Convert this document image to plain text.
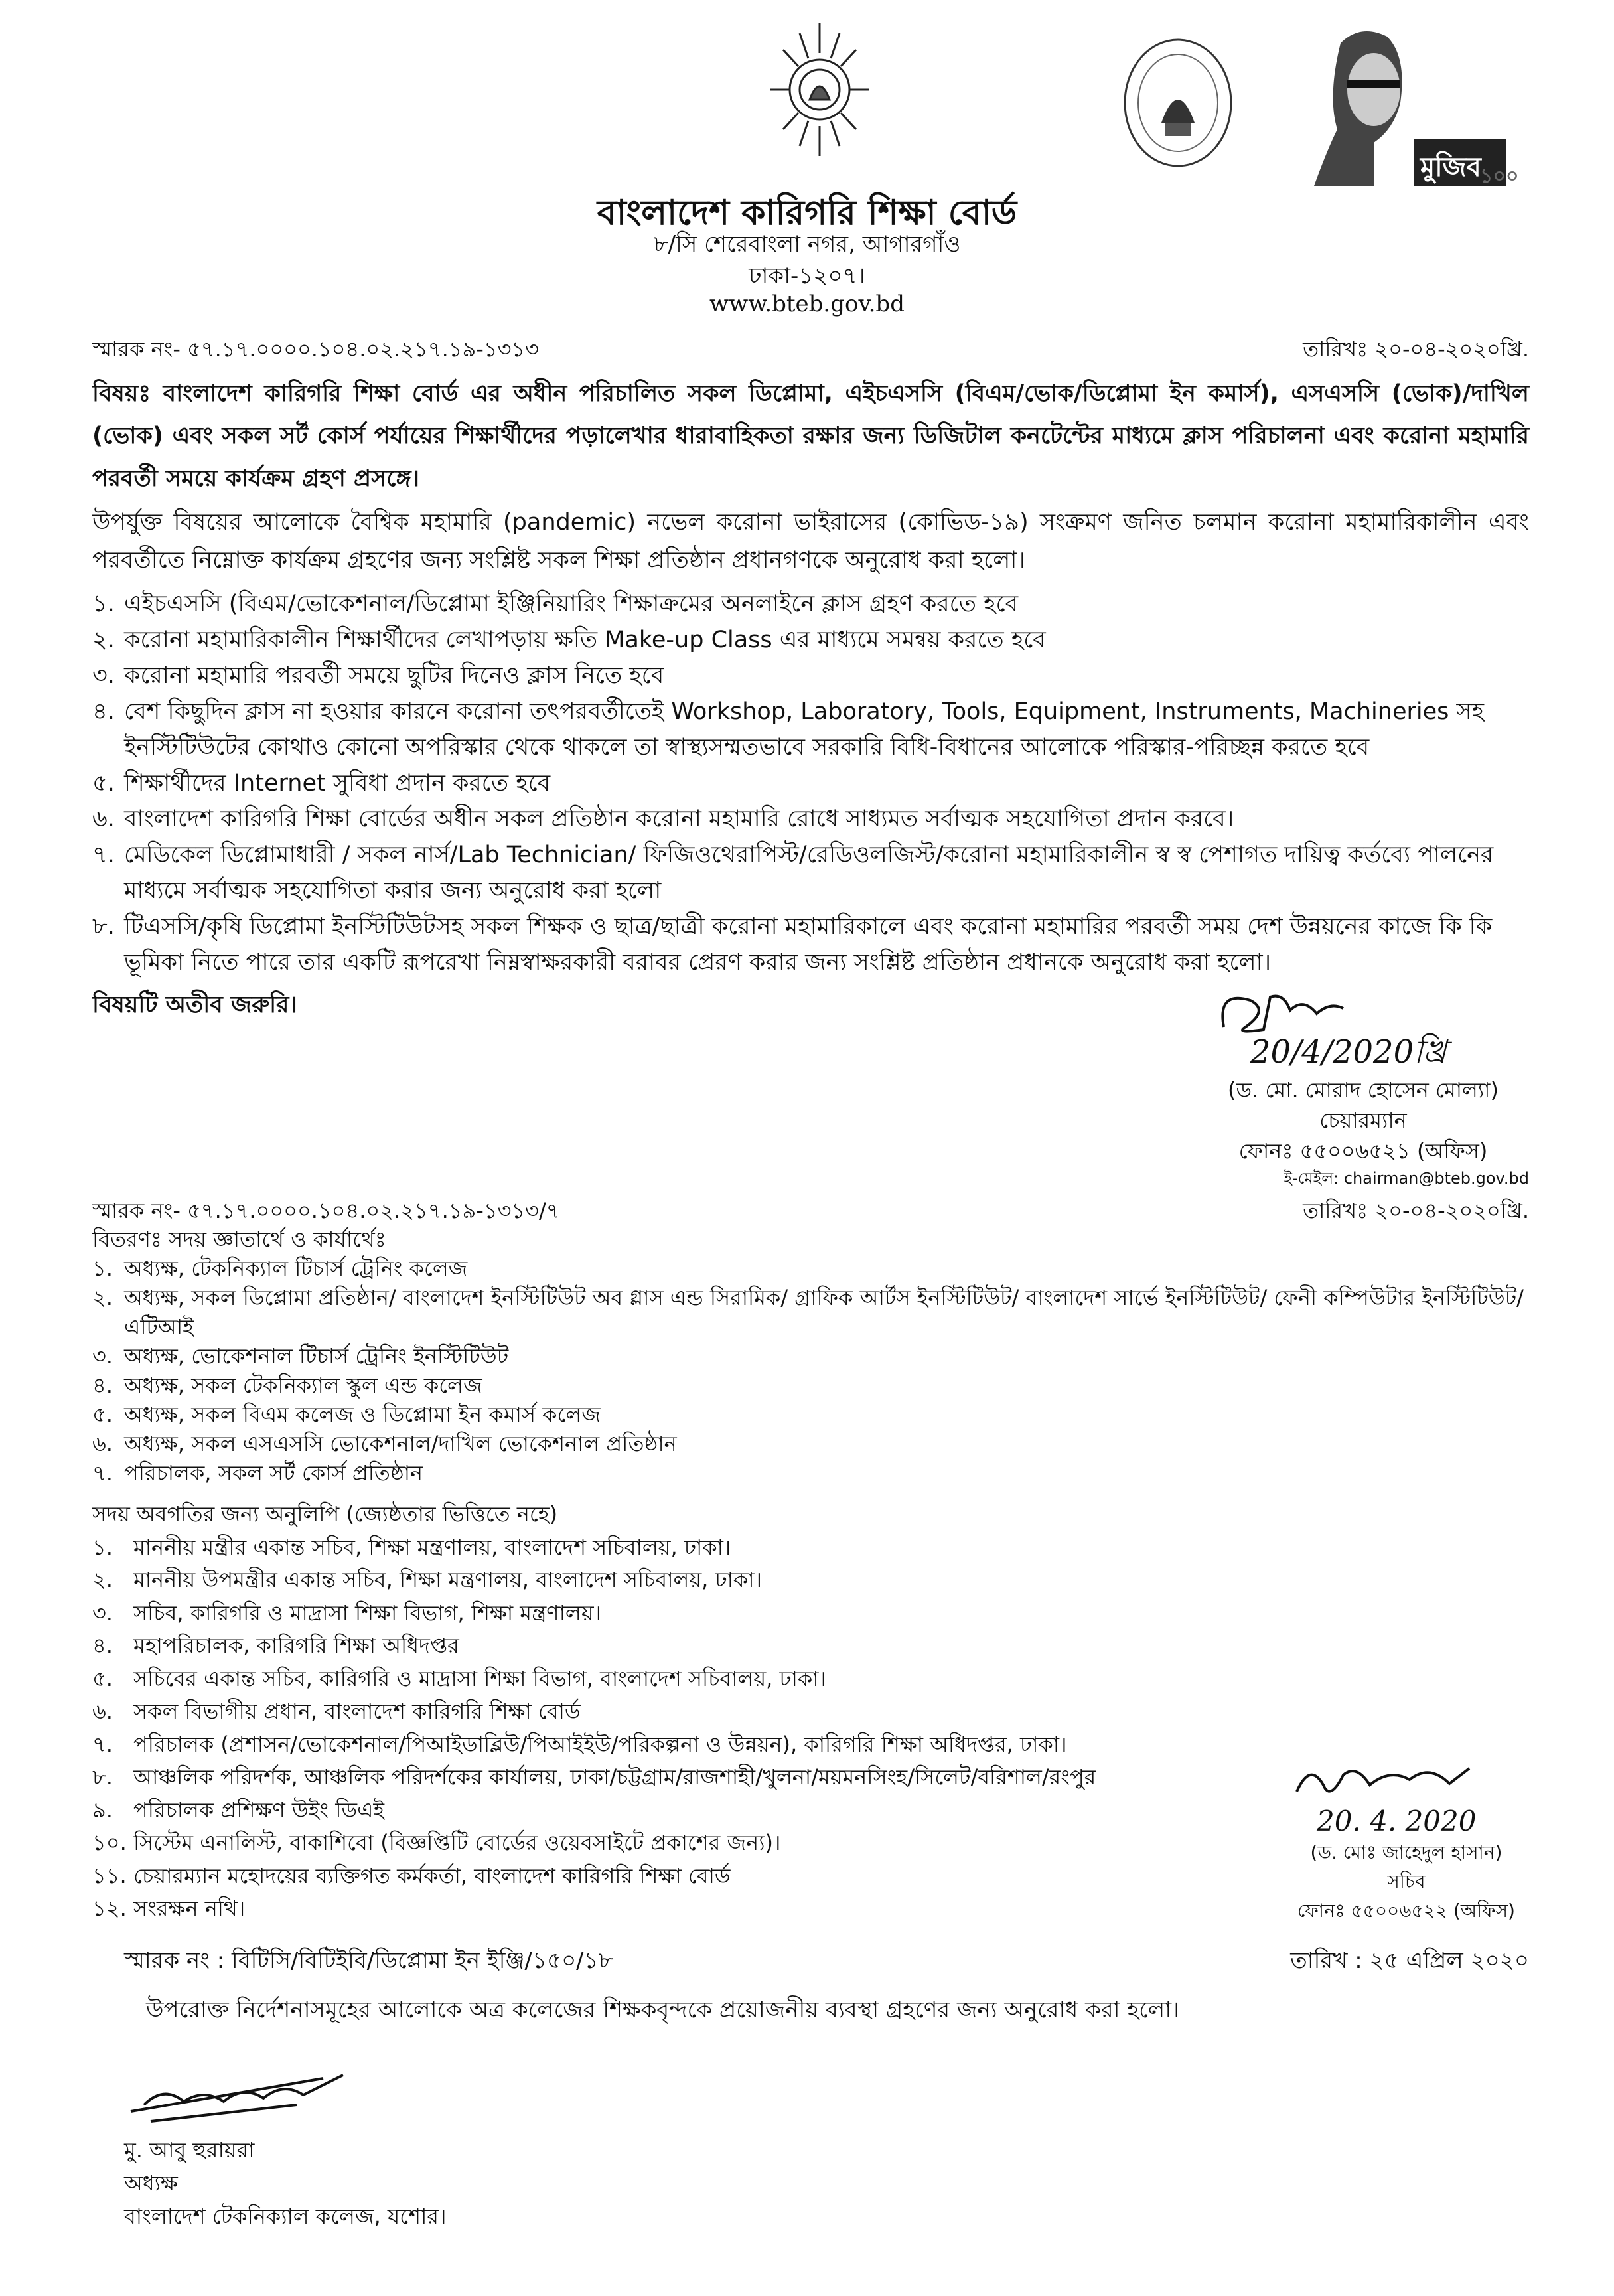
মুজিব
১০০
বাংলাদেশ কারিগরি শিক্ষা বোর্ড
৮/সি শেরেবাংলা নগর, আগারগাঁও
ঢাকা-১২০৭।
www.bteb.gov.bd
স্মারক নং- ৫৭.১৭.০০০০.১০৪.০২.২১৭.১৯-১৩১৩	তারিখঃ ২০-০৪-২০২০খ্রি.
বিষয়ঃ বাংলাদেশ কারিগরি শিক্ষা বোর্ড এর অধীন পরিচালিত সকল ডিপ্লোমা, এইচএসসি (বিএম/ভোক/ডিপ্লোমা ইন কমার্স), এসএসসি (ভোক)/দাখিল (ভোক) এবং সকল সর্ট কোর্স পর্যায়ের শিক্ষার্থীদের পড়ালেখার ধারাবাহিকতা রক্ষার জন্য ডিজিটাল কনটেন্টের মাধ্যমে ক্লাস পরিচালনা এবং করোনা মহামারি পরবর্তী সময়ে কার্যক্রম গ্রহণ প্রসঙ্গে।
উপর্যুক্ত বিষয়ের আলোকে বৈশ্বিক মহামারি (pandemic) নভেল করোনা ভাইরাসের (কোভিড-১৯) সংক্রমণ জনিত চলমান করোনা মহামারিকালীন এবং পরবর্তীতে নিম্নোক্ত কার্যক্রম গ্রহণের জন্য সংশ্লিষ্ট সকল শিক্ষা প্রতিষ্ঠান প্রধানগণকে অনুরোধ করা হলো।
১. এইচএসসি (বিএম/ভোকেশনাল/ডিপ্লোমা ইঞ্জিনিয়ারিং শিক্ষাক্রমের অনলাইনে ক্লাস গ্রহণ করতে হবে
২. করোনা মহামারিকালীন শিক্ষার্থীদের লেখাপড়ায় ক্ষতি Make-up Class এর মাধ্যমে সমন্বয় করতে হবে
৩. করোনা মহামারি পরবর্তী সময়ে ছুটির দিনেও ক্লাস নিতে হবে
৪. বেশ কিছুদিন ক্লাস না হওয়ার কারনে করোনা তৎপরবর্তীতেই Workshop, Laboratory, Tools, Equipment, Instruments, Machineries সহ ইনস্টিটিউটের কোথাও কোনো অপরিস্কার থেকে থাকলে তা স্বাস্থ্যসম্মতভাবে সরকারি বিধি-বিধানের আলোকে পরিস্কার-পরিচ্ছন্ন করতে হবে
৫. শিক্ষার্থীদের Internet সুবিধা প্রদান করতে হবে
৬. বাংলাদেশ কারিগরি শিক্ষা বোর্ডের অধীন সকল প্রতিষ্ঠান করোনা মহামারি রোধে সাধ্যমত সর্বাত্মক সহযোগিতা প্রদান করবে।
৭. মেডিকেল ডিপ্লোমাধারী / সকল নার্স/Lab Technician/ ফিজিওথেরাপিস্ট/রেডিওলজিস্ট/করোনা মহামারিকালীন স্ব স্ব পেশাগত দায়িত্ব কর্তব্যে পালনের মাধ্যমে সর্বাত্মক সহযোগিতা করার জন্য অনুরোধ করা হলো
৮. টিএসসি/কৃষি ডিপ্লোমা ইনস্টিটিউটসহ সকল শিক্ষক ও ছাত্র/ছাত্রী করোনা মহামারিকালে এবং করোনা মহামারির পরবর্তী সময় দেশ উন্নয়নের কাজে কি কি ভূমিকা নিতে পারে তার একটি রূপরেখা নিম্নস্বাক্ষরকারী বরাবর প্রেরণ করার জন্য সংশ্লিষ্ট প্রতিষ্ঠান প্রধানকে অনুরোধ করা হলো।
বিষয়টি অতীব জরুরি।
20/4/2020খ্রি
(ড. মো. মোরাদ হোসেন মোল্যা)
চেয়ারম্যান
ফোনঃ ৫৫০০৬৫২১ (অফিস)
ই-মেইল: chairman@bteb.gov.bd
স্মারক নং- ৫৭.১৭.০০০০.১০৪.০২.২১৭.১৯-১৩১৩/৭	তারিখঃ ২০-০৪-২০২০খ্রি.
বিতরণঃ সদয় জ্ঞাতার্থে ও কার্যার্থেঃ
১. অধ্যক্ষ, টেকনিক্যাল টিচার্স ট্রেনিং কলেজ
২. অধ্যক্ষ, সকল ডিপ্লোমা প্রতিষ্ঠান/ বাংলাদেশ ইনস্টিটিউট অব গ্লাস এন্ড সিরামিক/ গ্রাফিক আর্টস ইনস্টিটিউট/ বাংলাদেশ সার্ভে ইনস্টিটিউট/ ফেনী কম্পিউটার ইনস্টিটিউট/ এটিআই
৩. অধ্যক্ষ, ভোকেশনাল টিচার্স ট্রেনিং ইনস্টিটিউট
৪. অধ্যক্ষ, সকল টেকনিক্যাল স্কুল এন্ড কলেজ
৫. অধ্যক্ষ, সকল বিএম কলেজ ও ডিপ্লোমা ইন কমার্স কলেজ
৬. অধ্যক্ষ, সকল এসএসসি ভোকেশনাল/দাখিল ভোকেশনাল প্রতিষ্ঠান
৭. পরিচালক, সকল সর্ট কোর্স প্রতিষ্ঠান
সদয় অবগতির জন্য অনুলিপি (জ্যেষ্ঠতার ভিত্তিতে নহে)
১. মাননীয় মন্ত্রীর একান্ত সচিব, শিক্ষা মন্ত্রণালয়, বাংলাদেশ সচিবালয়, ঢাকা।
২. মাননীয় উপমন্ত্রীর একান্ত সচিব, শিক্ষা মন্ত্রণালয়, বাংলাদেশ সচিবালয়, ঢাকা।
৩. সচিব, কারিগরি ও মাদ্রাসা শিক্ষা বিভাগ, শিক্ষা মন্ত্রণালয়।
৪. মহাপরিচালক, কারিগরি শিক্ষা অধিদপ্তর
৫. সচিবের একান্ত সচিব, কারিগরি ও মাদ্রাসা শিক্ষা বিভাগ, বাংলাদেশ সচিবালয়, ঢাকা।
৬. সকল বিভাগীয় প্রধান, বাংলাদেশ কারিগরি শিক্ষা বোর্ড
৭. পরিচালক (প্রশাসন/ভোকেশনাল/পিআইডাব্লিউ/পিআইইউ/পরিকল্পনা ও উন্নয়ন), কারিগরি শিক্ষা অধিদপ্তর, ঢাকা।
৮. আঞ্চলিক পরিদর্শক, আঞ্চলিক পরিদর্শকের কার্যালয়, ঢাকা/চট্টগ্রাম/রাজশাহী/খুলনা/ময়মনসিংহ/সিলেট/বরিশাল/রংপুর
৯. পরিচালক প্রশিক্ষণ উইং ডিএই
১০. সিস্টেম এনালিস্ট, বাকাশিবো (বিজ্ঞপ্তিটি বোর্ডের ওয়েবসাইটে প্রকাশের জন্য)।
১১. চেয়ারম্যান মহোদয়ের ব্যক্তিগত কর্মকর্তা, বাংলাদেশ কারিগরি শিক্ষা বোর্ড
১২. সংরক্ষন নথি।
20. 4. 2020
(ড. মোঃ জাহেদুল হাসান)
সচিব
ফোনঃ ৫৫০০৬৫২২ (অফিস)
স্মারক নং : বিটিসি/বিটিইবি/ডিপ্লোমা ইন ইঞ্জি/১৫০/১৮	তারিখ : ২৫ এপ্রিল ২০২০
উপরোক্ত নির্দেশনাসমূহের আলোকে অত্র কলেজের শিক্ষকবৃন্দকে প্রয়োজনীয় ব্যবস্থা গ্রহণের জন্য অনুরোধ করা হলো।
মু. আবু হুরায়রা
অধ্যক্ষ
বাংলাদেশ টেকনিক্যাল কলেজ, যশোর।
